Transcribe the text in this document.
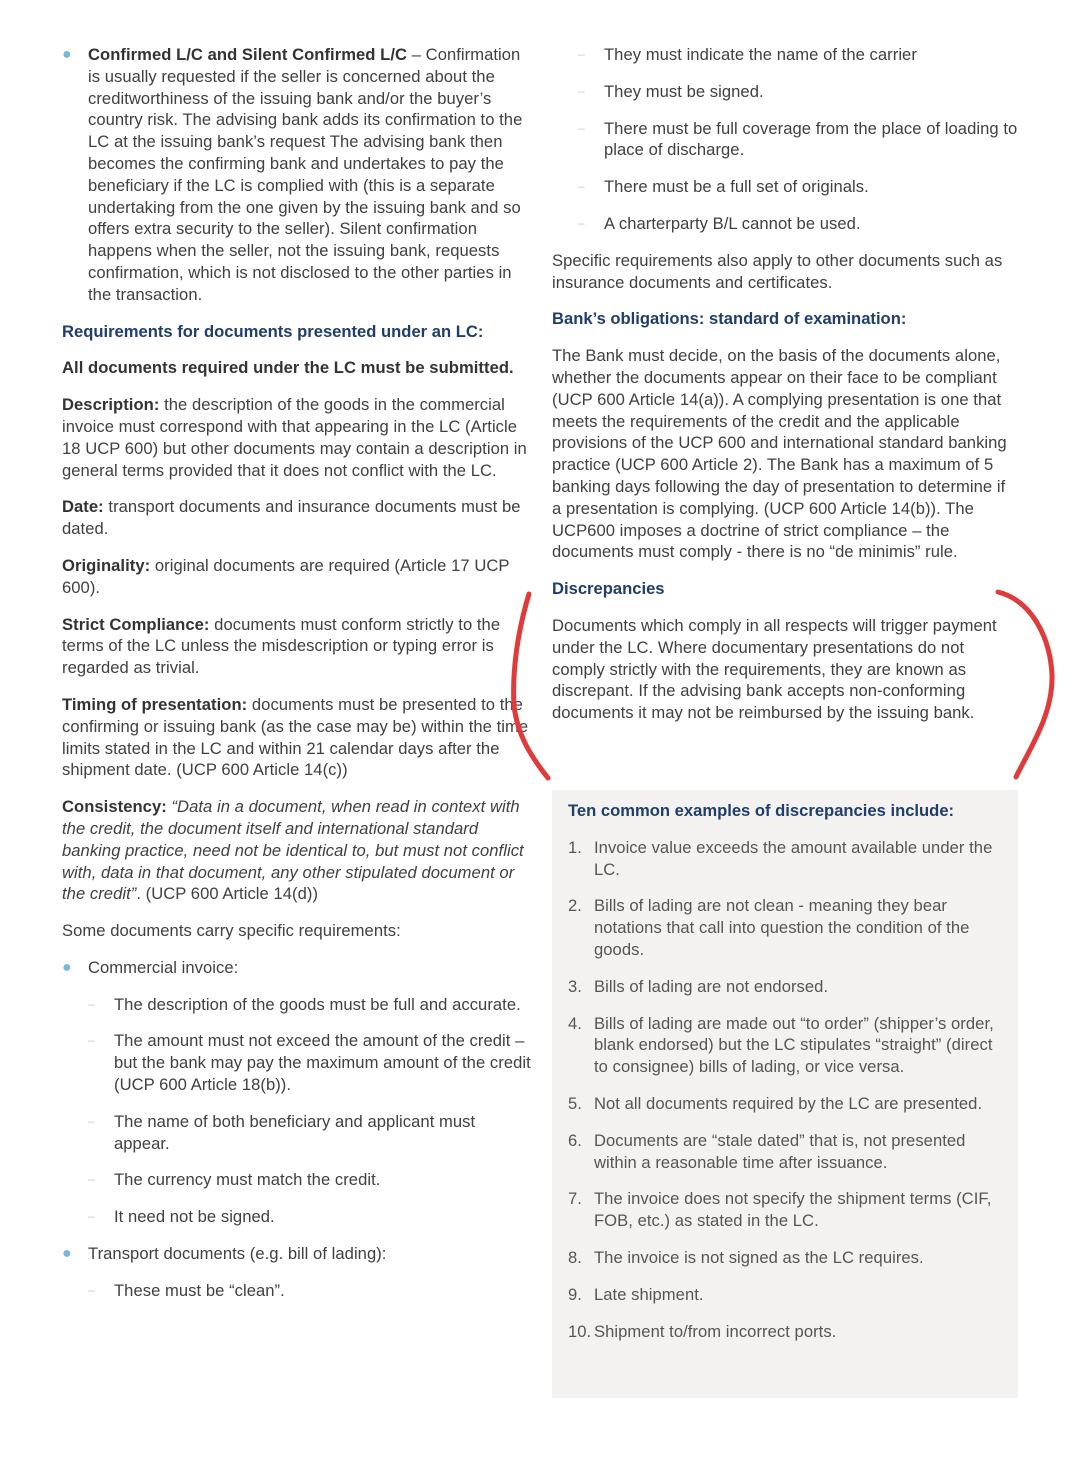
● Confirmed L/C and Silent Confirmed L/C – Confirmation is usually requested if the seller is concerned about the creditworthiness of the issuing bank and/or the buyer’s country risk. The advising bank adds its confirmation to the LC at the issuing bank’s request The advising bank then becomes the confirming bank and undertakes to pay the beneficiary if the LC is complied with (this is a separate undertaking from the one given by the issuing bank and so offers extra security to the seller). Silent confirmation happens when the seller, not the issuing bank, requests confirmation, which is not disclosed to the other parties in the transaction.

Requirements for documents presented under an LC:

All documents required under the LC must be submitted.

Description: the description of the goods in the commercial invoice must correspond with that appearing in the LC (Article 18 UCP 600) but other documents may contain a description in general terms provided that it does not conflict with the LC.

Date: transport documents and insurance documents must be dated.

Originality: original documents are required (Article 17 UCP 600).

Strict Compliance: documents must conform strictly to the terms of the LC unless the misdescription or typing error is regarded as trivial.

Timing of presentation: documents must be presented to the confirming or issuing bank (as the case may be) within the time limits stated in the LC and within 21 calendar days after the shipment date. (UCP 600 Article 14(c))

Consistency: “Data in a document, when read in context with the credit, the document itself and international standard banking practice, need not be identical to, but must not conflict with, data in that document, any other stipulated document or the credit”. (UCP 600 Article 14(d))

Some documents carry specific requirements:

● Commercial invoice:
– The description of the goods must be full and accurate.
– The amount must not exceed the amount of the credit – but the bank may pay the maximum amount of the credit (UCP 600 Article 18(b)).
– The name of both beneficiary and applicant must appear.
– The currency must match the credit.
– It need not be signed.
● Transport documents (e.g. bill of lading):
– These must be “clean”.
– They must indicate the name of the carrier
– They must be signed.
– There must be full coverage from the place of loading to place of discharge.
– There must be a full set of originals.
– A charterparty B/L cannot be used.

Specific requirements also apply to other documents such as insurance documents and certificates.

Bank’s obligations: standard of examination:

The Bank must decide, on the basis of the documents alone, whether the documents appear on their face to be compliant (UCP 600 Article 14(a)). A complying presentation is one that meets the requirements of the credit and the applicable provisions of the UCP 600 and international standard banking practice (UCP 600 Article 2). The Bank has a maximum of 5 banking days following the day of presentation to determine if a presentation is complying. (UCP 600 Article 14(b)). The UCP600 imposes a doctrine of strict compliance – the documents must comply - there is no “de minimis” rule.

Discrepancies

Documents which comply in all respects will trigger payment under the LC. Where documentary presentations do not comply strictly with the requirements, they are known as discrepant. If the advising bank accepts non-conforming documents it may not be reimbursed by the issuing bank.

Ten common examples of discrepancies include:

1. Invoice value exceeds the amount available under the LC.
2. Bills of lading are not clean - meaning they bear notations that call into question the condition of the goods.
3. Bills of lading are not endorsed.
4. Bills of lading are made out “to order” (shipper’s order, blank endorsed) but the LC stipulates “straight” (direct to consignee) bills of lading, or vice versa.
5. Not all documents required by the LC are presented.
6. Documents are “stale dated” that is, not presented within a reasonable time after issuance.
7. The invoice does not specify the shipment terms (CIF, FOB, etc.) as stated in the LC.
8. The invoice is not signed as the LC requires.
9. Late shipment.
10. Shipment to/from incorrect ports.
